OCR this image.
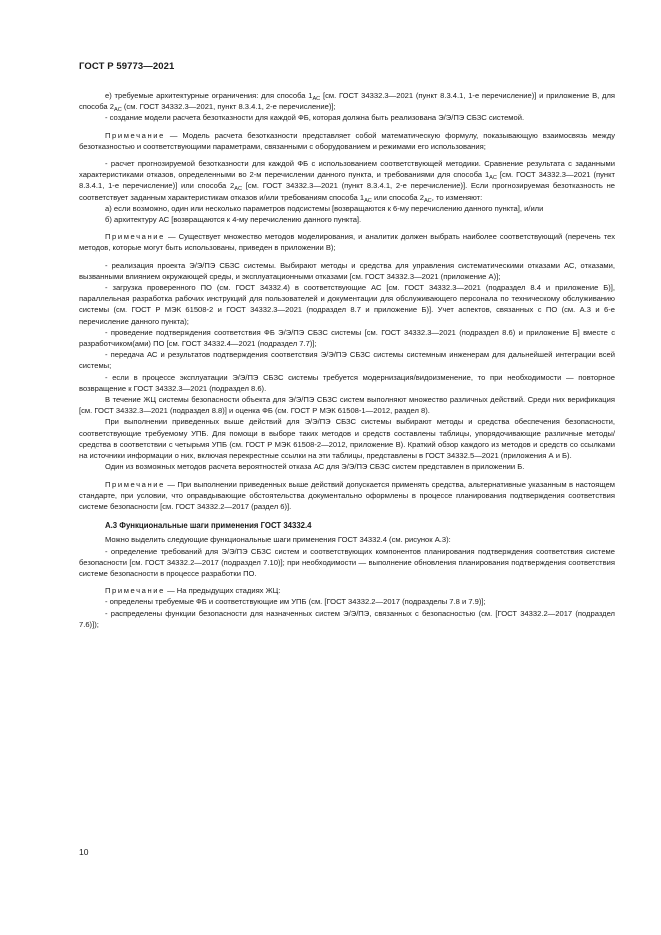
ГОСТ Р 59773—2021

е) требуемые архитектурные ограничения: для способа $1_{AC}$ [см. ГОСТ 34332.3—2021 (пункт 8.3.4.1, 1-е перечисление)] и приложение В, для способа $2_{AC}$ (см. ГОСТ 34332.3—2021, пункт 8.3.4.1, 2-е перечисление)];

- создание модели расчета безотказности для каждой ФБ, которая должна быть реализована Э/Э/ПЭ СБЗС системой.

Примечание — Модель расчета безотказности представляет собой математическую формулу, показывающую взаимосвязь между безотказностью и соответствующими параметрами, связанными с оборудованием и режимами его использования;

- расчет прогнозируемой безотказности для каждой ФБ с использованием соответствующей методики. Сравнение результата с заданными характеристиками отказов, определенными во 2-м перечислении данного пункта, и требованиями для способа $1_{AC}$ [см. ГОСТ 34332.3—2021 (пункт 8.3.4.1, 1-е перечисление)] или способа $2_{AC}$ [см. ГОСТ 34332.3—2021 (пункт 8.3.4.1, 2-е перечисление)]. Если прогнозируемая безотказность не соответствует заданным характеристикам отказов и/или требованиям способа $1_{AC}$ или способа $2_{AC}$, то изменяют:

а) если возможно, один или несколько параметров подсистемы [возвращаются к 6-му перечислению данного пункта], и/или

б) архитектуру АС [возвращаются к 4-му перечислению данного пункта].

Примечание — Существует множество методов моделирования, и аналитик должен выбрать наиболее соответствующий (перечень тех методов, которые могут быть использованы, приведен в приложении В);

- реализация проекта Э/Э/ПЭ СБЗС системы. Выбирают методы и средства для управления систематическими отказами АС, отказами, вызванными влиянием окружающей среды, и эксплуатационными отказами [см. ГОСТ 34332.3—2021 (приложение А)];

- загрузка проверенного ПО (см. ГОСТ 34332.4) в соответствующие АС [см. ГОСТ 34332.3—2021 (подраздел 8.4 и приложение Б)], параллельная разработка рабочих инструкций для пользователей и документации для обслуживающего персонала по техническому обслуживанию системы (см. ГОСТ Р МЭК 61508-2 и ГОСТ 34332.3—2021 (подраздел 8.7 и приложение Б)]. Учет аспектов, связанных с ПО (см. А.3 и 6-е перечисление данного пункта);

- проведение подтверждения соответствия ФБ Э/Э/ПЭ СБЗС системы [см. ГОСТ 34332.3—2021 (подраздел 8.6) и приложение Б] вместе с разработчиком(ами) ПО [см. ГОСТ 34332.4—2021 (подраздел 7.7)];

- передача АС и результатов подтверждения соответствия Э/Э/ПЭ СБЗС системы системным инженерам для дальнейшей интеграции всей системы;

- если в процессе эксплуатации Э/Э/ПЭ СБЗС системы требуется модернизация/видоизменение, то при необходимости — повторное возвращение к ГОСТ 34332.3—2021 (подраздел 8.6).

В течение ЖЦ системы безопасности объекта для Э/Э/ПЭ СБЗС систем выполняют множество различных действий. Среди них верификация [см. ГОСТ 34332.3—2021 (подраздел 8.8)] и оценка ФБ (см. ГОСТ Р МЭК 61508-1—2012, раздел 8).

При выполнении приведенных выше действий для Э/Э/ПЭ СБЗС системы выбирают методы и средства обеспечения безопасности, соответствующие требуемому УПБ. Для помощи в выборе таких методов и средств составлены таблицы, упорядочивающие различные методы/средства в соответствии с четырьмя УПБ (см. ГОСТ Р МЭК 61508-2—2012, приложение В). Краткий обзор каждого из методов и средств со ссылками на источники информации о них, включая перекрестные ссылки на эти таблицы, представлены в ГОСТ 34332.5—2021 (приложения А и Б).

Один из возможных методов расчета вероятностей отказа АС для Э/Э/ПЭ СБЗС систем представлен в приложении Б.

Примечание — При выполнении приведенных выше действий допускается применять средства, альтернативные указанным в настоящем стандарте, при условии, что оправдывающие обстоятельства документально оформлены в процессе планирования подтверждения соответствия системе безопасности [см. ГОСТ 34332.2—2017 (раздел 6)].

А.3 Функциональные шаги применения ГОСТ 34332.4

Можно выделить следующие функциональные шаги применения ГОСТ 34332.4 (см. рисунок А.3):

- определение требований для Э/Э/ПЭ СБЗС систем и соответствующих компонентов планирования подтверждения соответствия системе безопасности [см. ГОСТ 34332.2—2017 (подраздел 7.10)]; при необходимости — выполнение обновления планирования подтверждения соответствия системе безопасности в процессе разработки ПО.

Примечание — На предыдущих стадиях ЖЦ:

- определены требуемые ФБ и соответствующие им УПБ (см. [ГОСТ 34332.2—2017 (подразделы 7.8 и 7.9)];

- распределены функции безопасности для назначенных систем Э/Э/ПЭ, связанных с безопасностью (см. [ГОСТ 34332.2—2017 (подраздел 7.6)]);

10
